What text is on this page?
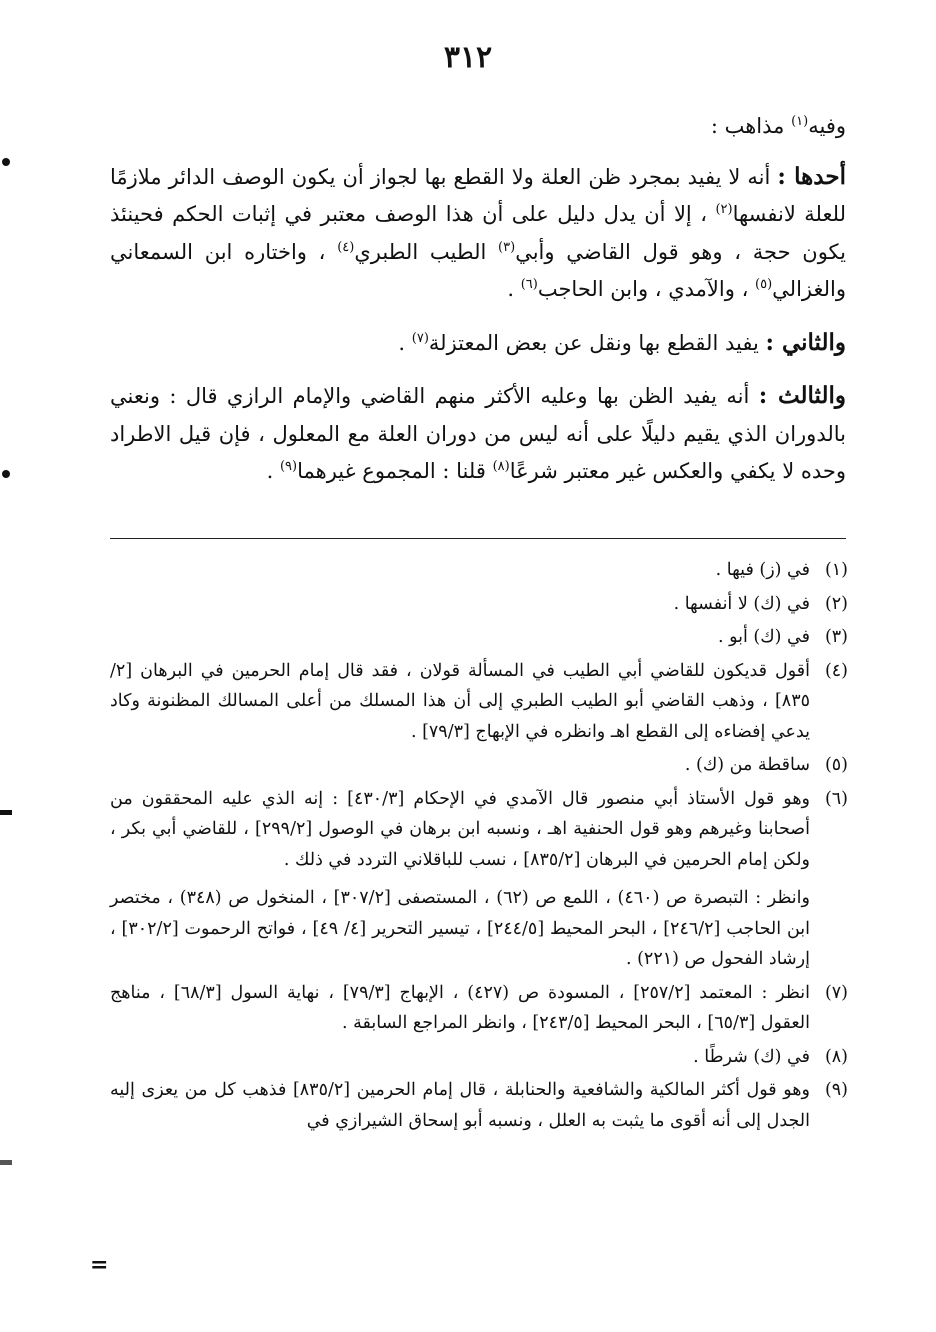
٣١٢

وفيه$^{(١)}$ مذاهب :

أحدها : أنه لا يفيد بمجرد ظن العلة ولا القطع بها لجواز أن يكون الوصف الدائر ملازمًا للعلة لانفسها$^{(٢)}$ ، إلا أن يدل دليل على أن هذا الوصف معتبر في إثبات الحكم فحينئذ يكون حجة ، وهو قول القاضي وأبي$^{(٣)}$ الطيب الطبري$^{(٤)}$ ، واختاره ابن السمعاني والغزالي$^{(٥)}$ ، والآمدي ، وابن الحاجب$^{(٦)}$ .

والثاني : يفيد القطع بها ونقل عن بعض المعتزلة$^{(٧)}$ .

والثالث : أنه يفيد الظن بها وعليه الأكثر منهم القاضي والإمام الرازي قال : ونعني بالدوران الذي يقيم دليلًا على أنه ليس من دوران العلة مع المعلول ، فإن قيل الاطراد وحده لا يكفي والعكس غير معتبر شرعًا$^{(٨)}$ قلنا : المجموع غيرهما$^{(٩)}$ .

(١)
في (ز) فيها .
(٢)
في (ك) لا أنفسها .
(٣)
في (ك) أبو .
(٤)
أقول قديكون للقاضي أبي الطيب في المسألة قولان ، فقد قال إمام الحرمين في البرهان [٢/ ٨٣٥] ، وذهب القاضي أبو الطيب الطبري إلى أن هذا المسلك من أعلى المسالك المظنونة وكاد يدعي إفضاءه إلى القطع اهـ وانظره في الإبهاج [٧٩/٣] .
(٥)
ساقطة من (ك) .
(٦)
وهو قول الأستاذ أبي منصور قال الآمدي في الإحكام [٤٣٠/٣] : إنه الذي عليه المحققون من أصحابنا وغيرهم وهو قول الحنفية اهـ ، ونسبه ابن برهان في الوصول [٢٩٩/٢] ، للقاضي أبي بكر ، ولكن إمام الحرمين في البرهان [٨٣٥/٢] ، نسب للباقلاني التردد في ذلك .
وانظر : التبصرة ص (٤٦٠) ، اللمع ص (٦٢) ، المستصفى [٣٠٧/٢] ، المنخول ص (٣٤٨) ، مختصر ابن الحاجب [٢٤٦/٢] ، البحر المحيط [٢٤٤/٥] ، تيسير التحرير [٤/ ٤٩] ، فواتح الرحموت [٣٠٢/٢] ، إرشاد الفحول ص (٢٢١) .
(٧)
انظر : المعتمد [٢٥٧/٢] ، المسودة ص (٤٢٧) ، الإبهاج [٧٩/٣] ، نهاية السول [٦٨/٣] ، مناهج العقول [٦٥/٣] ، البحر المحيط [٢٤٣/٥] ، وانظر المراجع السابقة .
(٨)
في (ك) شرطًا .
(٩)
وهو قول أكثر المالكية والشافعية والحنابلة ، قال إمام الحرمين [٨٣٥/٢] فذهب كل من يعزى إليه الجدل إلى أنه أقوى ما يثبت به العلل ، ونسبه أبو إسحاق الشيرازي في
=
